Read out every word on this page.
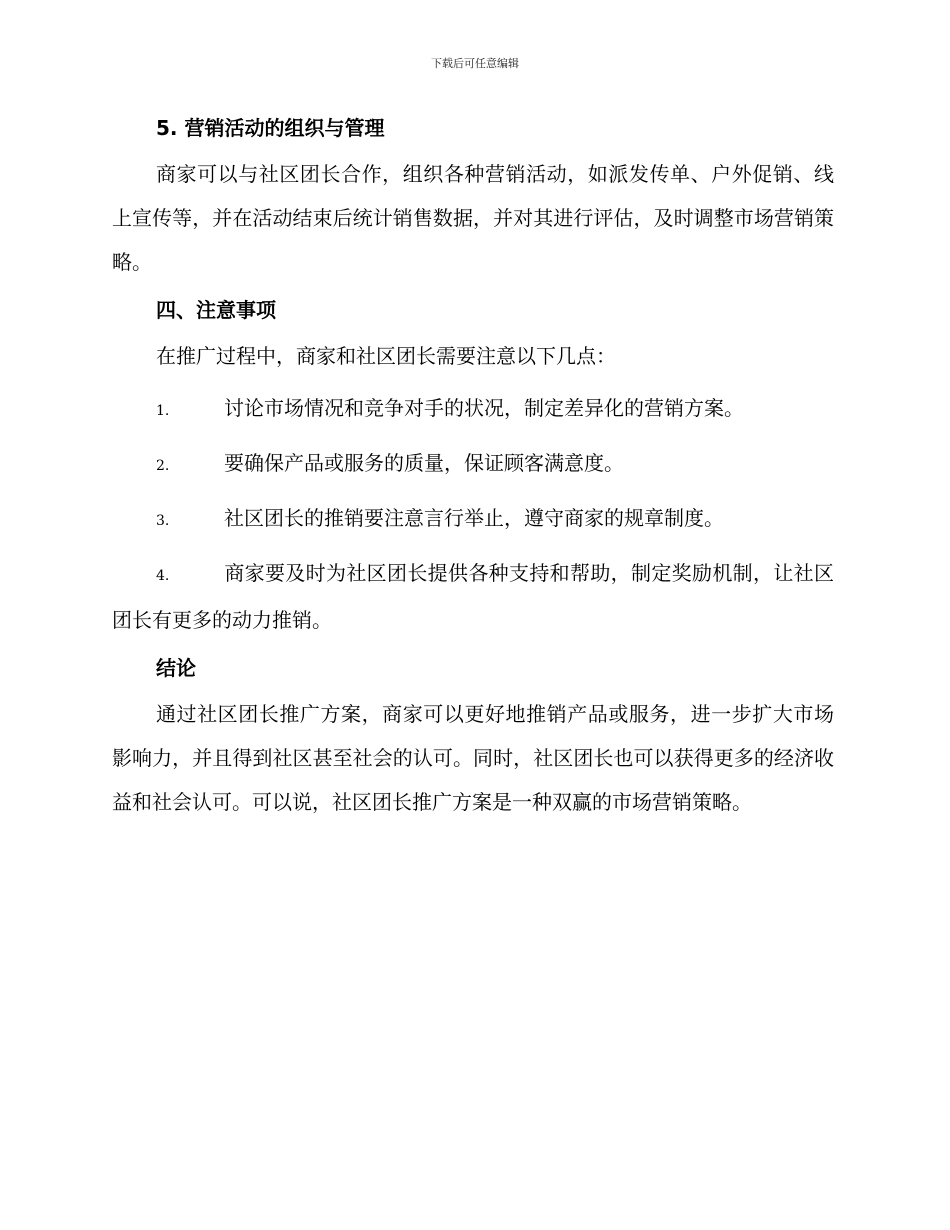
下载后可任意编辑

5. 营销活动的组织与管理

商家可以与社区团长合作，组织各种营销活动，如派发传单、户外促销、线上宣传等，并在活动结束后统计销售数据，并对其进行评估，及时调整市场营销策略。

四、注意事项

在推广过程中，商家和社区团长需要注意以下几点：

1.	讨论市场情况和竞争对手的状况，制定差异化的营销方案。

2.	要确保产品或服务的质量，保证顾客满意度。

3.	社区团长的推销要注意言行举止，遵守商家的规章制度。

4.	商家要及时为社区团长提供各种支持和帮助，制定奖励机制，让社区团长有更多的动力推销。

结论

通过社区团长推广方案，商家可以更好地推销产品或服务，进一步扩大市场影响力，并且得到社区甚至社会的认可。同时，社区团长也可以获得更多的经济收益和社会认可。可以说，社区团长推广方案是一种双赢的市场营销策略。
